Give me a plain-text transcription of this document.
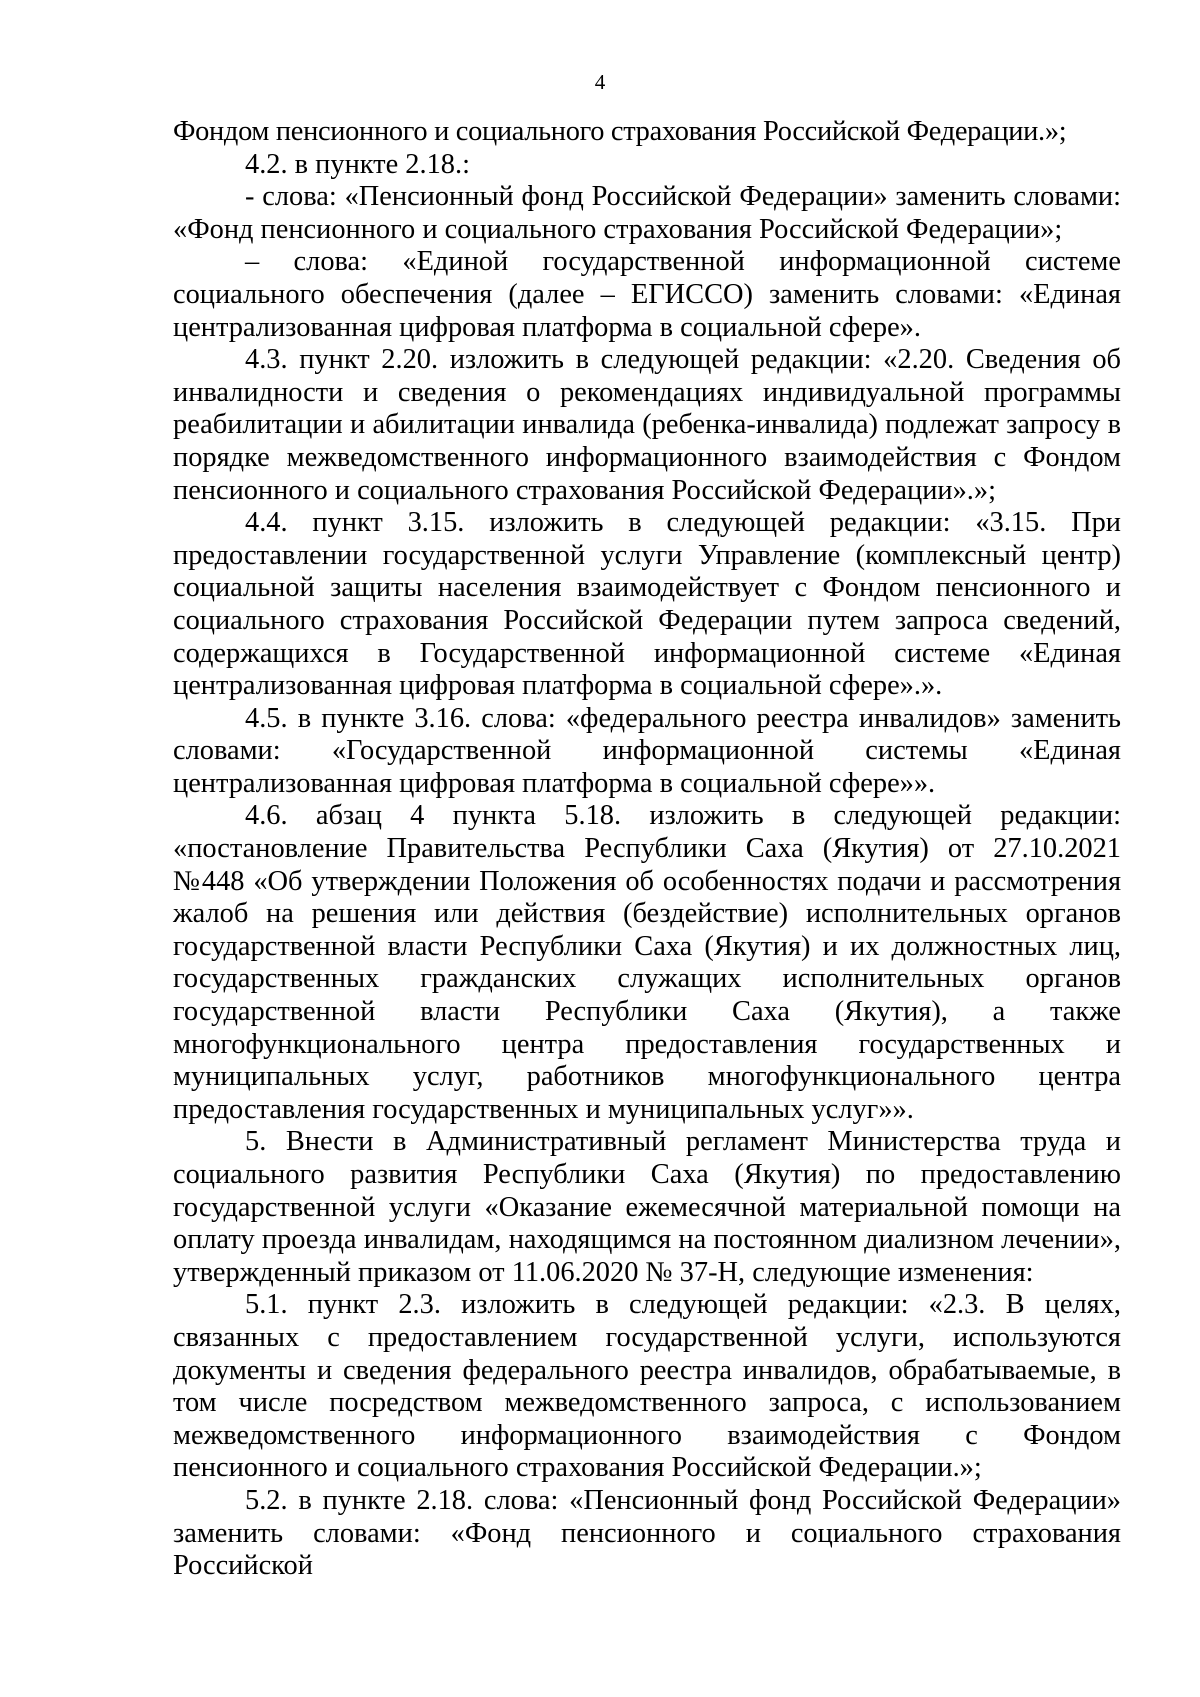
4

Фондом пенсионного и социального страхования Российской Федерации.»;

4.2. в пункте 2.18.:

- слова: «Пенсионный фонд Российской Федерации» заменить словами: «Фонд пенсионного и социального страхования Российской Федерации»;

– слова: «Единой государственной информационной системе социального обеспечения (далее – ЕГИССО) заменить словами: «Единая централизованная цифровая платформа в социальной сфере».

4.3. пункт 2.20. изложить в следующей редакции: «2.20. Сведения об инвалидности и сведения о рекомендациях индивидуальной программы реабилитации и абилитации инвалида (ребенка-инвалида) подлежат запросу в порядке межведомственного информационного взаимодействия с Фондом пенсионного и социального страхования Российской Федерации».»;

4.4. пункт 3.15. изложить в следующей редакции: «3.15. При предоставлении государственной услуги Управление (комплексный центр) социальной защиты населения взаимодействует с Фондом пенсионного и социального страхования Российской Федерации путем запроса сведений, содержащихся в Государственной информационной системе «Единая централизованная цифровая платформа в социальной сфере».».

4.5. в пункте 3.16. слова: «федерального реестра инвалидов» заменить словами: «Государственной информационной системы «Единая централизованная цифровая платформа в социальной сфере»».

4.6. абзац 4 пункта 5.18. изложить в следующей редакции: «постановление Правительства Республики Саха (Якутия) от 27.10.2021 №448 «Об утверждении Положения об особенностях подачи и рассмотрения жалоб на решения или действия (бездействие) исполнительных органов государственной власти Республики Саха (Якутия) и их должностных лиц, государственных гражданских служащих исполнительных органов государственной власти Республики Саха (Якутия), а также многофункционального центра предоставления государственных и муниципальных услуг, работников многофункционального центра предоставления государственных и муниципальных услуг»».

5. Внести в Административный регламент Министерства труда и социального развития Республики Саха (Якутия) по предоставлению государственной услуги «Оказание ежемесячной материальной помощи на оплату проезда инвалидам, находящимся на постоянном диализном лечении», утвержденный приказом от 11.06.2020 № 37-Н, следующие изменения:

5.1. пункт 2.3. изложить в следующей редакции: «2.3. В целях, связанных с предоставлением государственной услуги, используются документы и сведения федерального реестра инвалидов, обрабатываемые, в том числе посредством межведомственного запроса, с использованием межведомственного информационного взаимодействия с Фондом пенсионного и социального страхования Российской Федерации.»;

5.2. в пункте 2.18. слова: «Пенсионный фонд Российской Федерации» заменить словами: «Фонд пенсионного и социального страхования Российской
